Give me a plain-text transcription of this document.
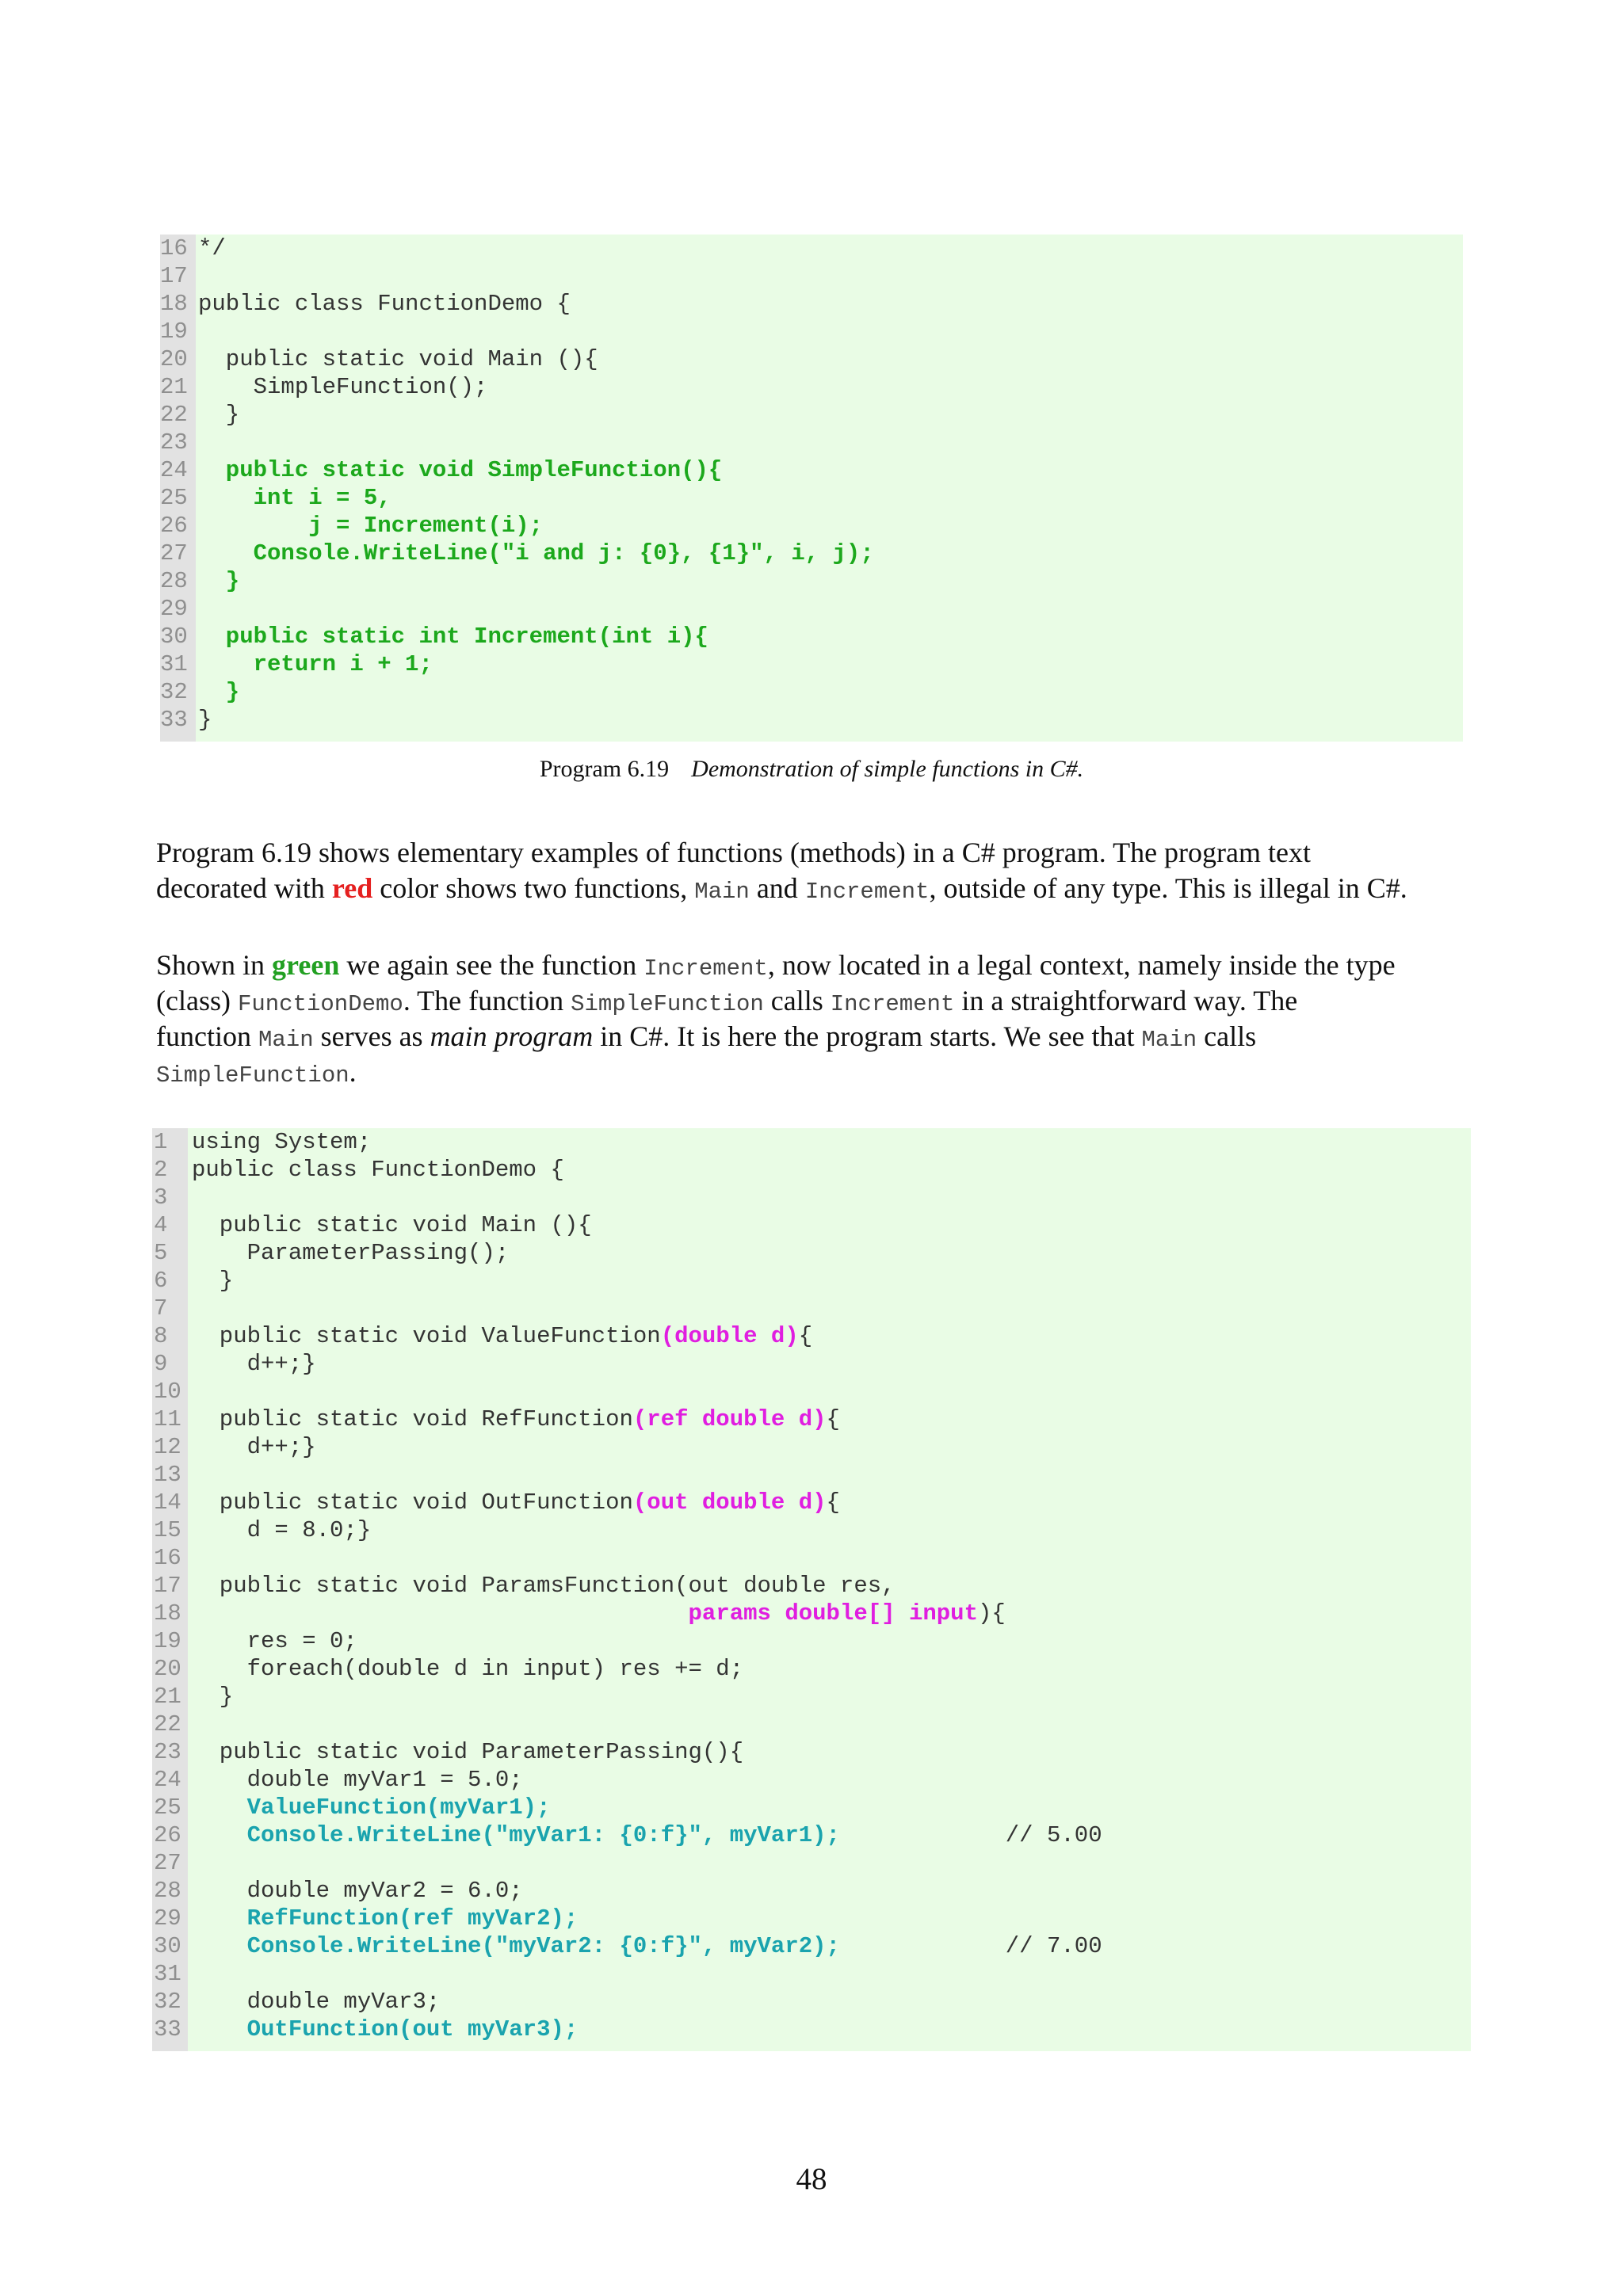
16 */
17
18 public class FunctionDemo {
19
20 public static void Main (){
21 SimpleFunction();
22 }
23
24 public static void SimpleFunction(){
25 int i = 5,
26 j = Increment(i);
27 Console.WriteLine("i and j: {0}, {1}", i, j);
28 }
29
30 public static int Increment(int i){
31 return i + 1;
32 }
33 }
Program 6.19 Demonstration of simple functions in C#.
Program 6.19 shows elementary examples of functions (methods) in a C# program. The program text
decorated with red color shows two functions, Main and Increment, outside of any type. This is illegal in C#.
Shown in green we again see the function Increment, now located in a legal context, namely inside the type
(class) FunctionDemo. The function SimpleFunction calls Increment in a straightforward way. The
function Main serves as main program in C#. It is here the program starts. We see that Main calls
SimpleFunction.
1	using System;
2	public class FunctionDemo {
3
4	public static void Main (){
5	ParameterPassing();
6	}
7
8	public static void ValueFunction(double d){
9	d++;}
10
11 public static void RefFunction(ref double d){
12 d++;}
13
14 public static void OutFunction(out double d){
15 d = 8.0;}
16
17 public static void ParamsFunction(out double res,
18	params double[] input){
19 res = 0;
20 foreach(double d in input) res += d;
21 }
22
23 public static void ParameterPassing(){
24 double myVar1 = 5.0;
25 ValueFunction(myVar1);
26 Console.WriteLine("myVar1: {0:f}", myVar1);            // 5.00
27
28 double myVar2 = 6.0;
29 RefFunction(ref myVar2);
30 Console.WriteLine("myVar2: {0:f}", myVar2);            // 7.00
31
32 double myVar3;
33 OutFunction(out myVar3);
48
